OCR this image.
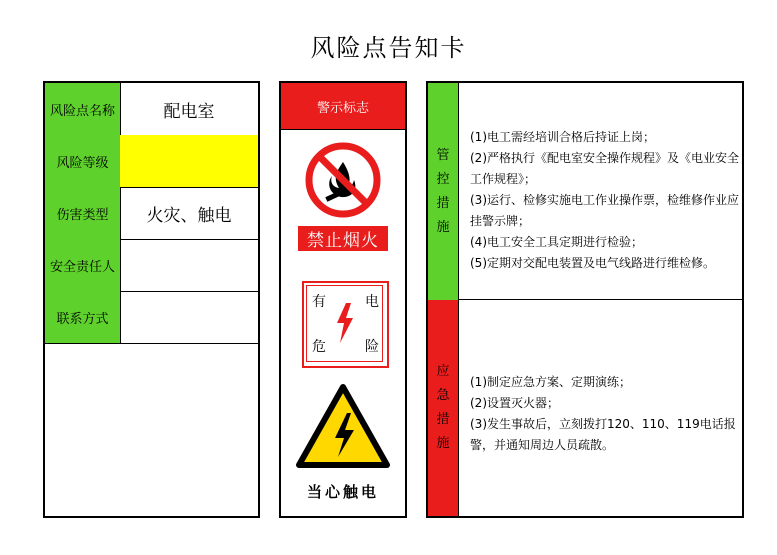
风险点告知卡
风险点名称	配电室
风险等级
伤害类型	火灾、触电
安全责任人
联系方式
警示标志
禁止烟火
有	电
危	险
当心触电
管
控
措
施

(1)电工需经培训合格后持证上岗；

(2)严格执行《配电室安全操作规程》及《电业安全工作规程》；

(3)运行、检修实施电工作业操作票，检维修作业应挂警示牌；

(4)电工安全工具定期进行检验；

(5)定期对交配电装置及电气线路进行维检修。

应
急
措
施

(1)制定应急方案、定期演练；

(2)设置灭火器；

(3)发生事故后，立刻拨打120、110、119电话报警，并通知周边人员疏散。
